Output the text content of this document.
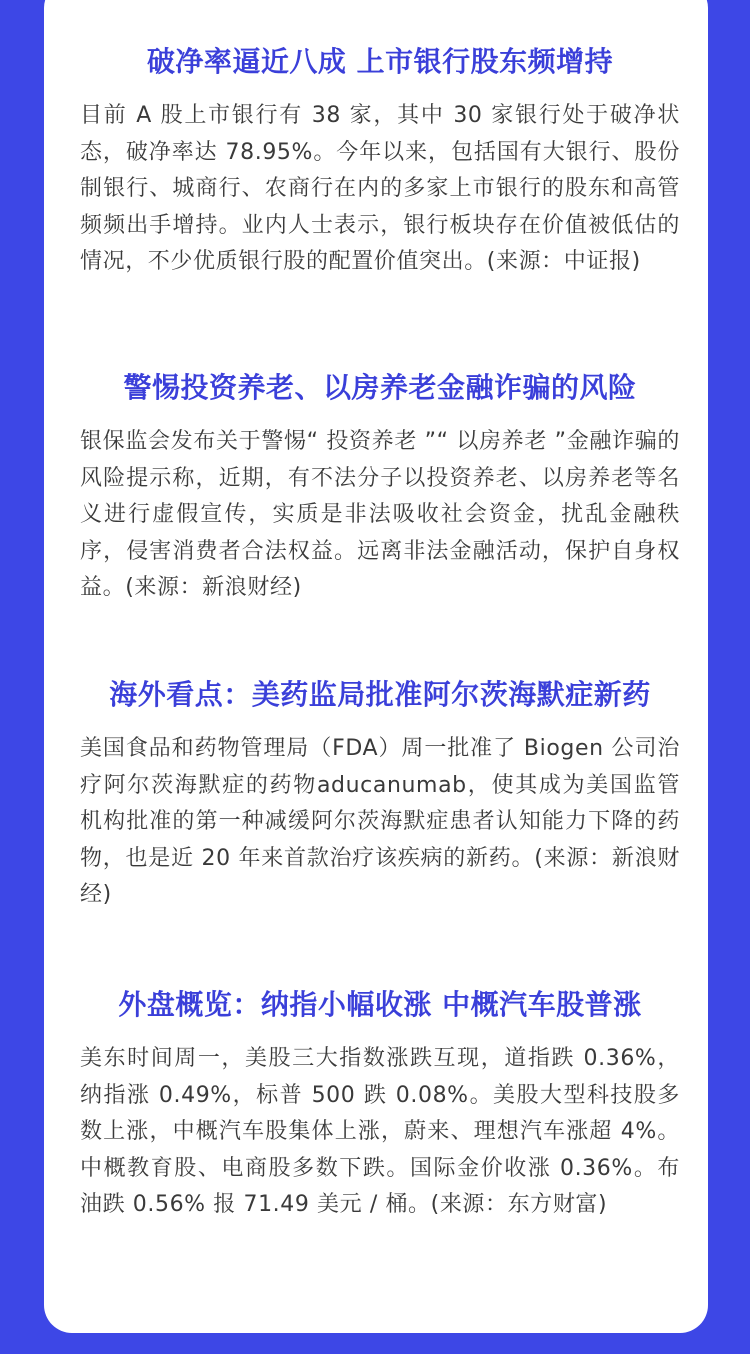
破净率逼近八成 上市银行股东频增持

目前 A 股上市银行有 38 家，其中 30 家银行处于破净状态，破净率达 78.95%。今年以来，包括国有大银行、股份制银行、城商行、农商行在内的多家上市银行的股东和高管频频出手增持。业内人士表示，银行板块存在价值被低估的情况，不少优质银行股的配置价值突出。(来源：中证报)

警惕投资养老、以房养老金融诈骗的风险

银保监会发布关于警惕“ 投资养老 ”“ 以房养老 ”金融诈骗的风险提示称，近期，有不法分子以投资养老、以房养老等名义进行虚假宣传，实质是非法吸收社会资金，扰乱金融秩序，侵害消费者合法权益。远离非法金融活动，保护自身权益。(来源：新浪财经)

海外看点：美药监局批准阿尔茨海默症新药

美国食品和药物管理局（FDA）周一批准了 Biogen 公司治疗阿尔茨海默症的药物aducanumab，使其成为美国监管机构批准的第一种减缓阿尔茨海默症患者认知能力下降的药物，也是近 20 年来首款治疗该疾病的新药。(来源：新浪财经)

外盘概览：纳指小幅收涨 中概汽车股普涨

美东时间周一，美股三大指数涨跌互现，道指跌 0.36%，纳指涨 0.49%，标普 500 跌 0.08%。美股大型科技股多数上涨，中概汽车股集体上涨，蔚来、理想汽车涨超 4%。中概教育股、电商股多数下跌。国际金价收涨 0.36%。布油跌 0.56% 报 71.49 美元 / 桶。(来源：东方财富)
